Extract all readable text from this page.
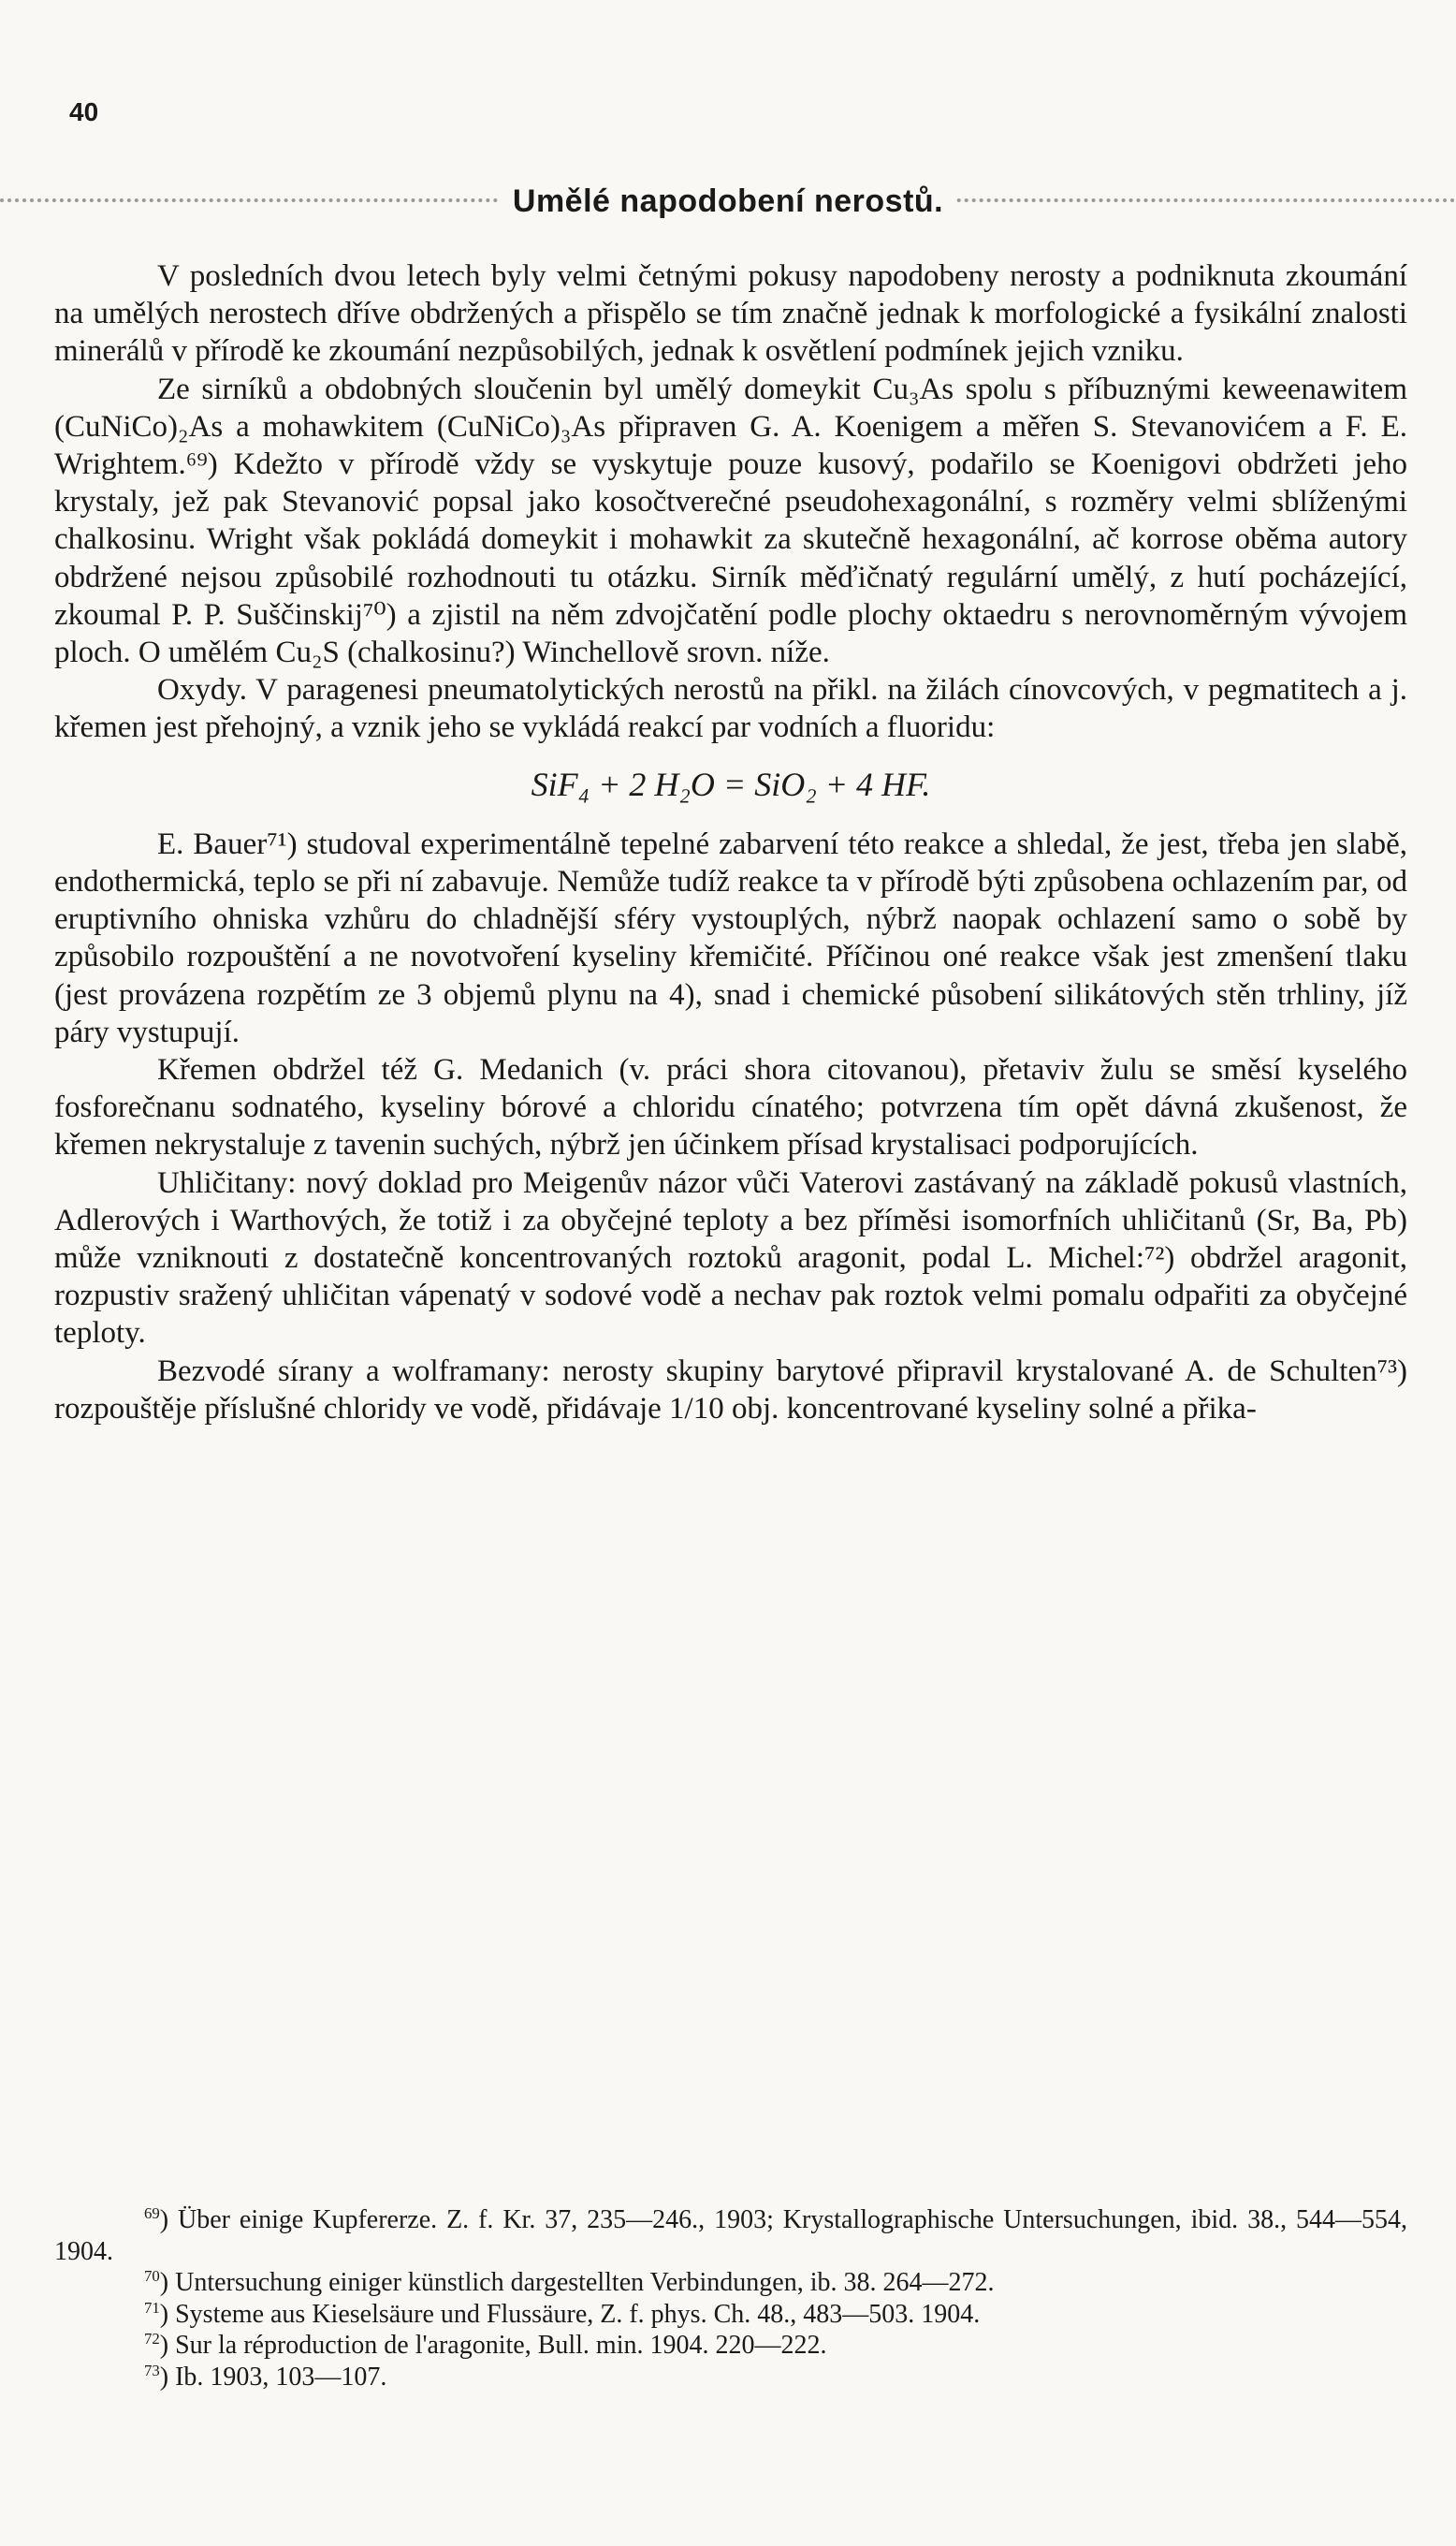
40
Umělé napodobení nerostů.

V posledních dvou letech byly velmi četnými pokusy napodobeny nerosty a podniknuta zkoumání na umělých nerostech dříve obdržených a přispělo se tím značně jednak k morfologické a fysikální znalosti minerálů v přírodě ke zkoumání nezpůsobilých, jednak k osvětlení podmínek jejich vzniku.

Ze sirníků a obdobných sloučenin byl umělý domeykit Cu₃As spolu s příbuznými keweenawitem (CuNiCo)₂As a mohawkitem (CuNiCo)₃As připraven G. A. Koenigem a měřen S. Stevanovićem a F. E. Wrightem.⁶⁹) Kdežto v přírodě vždy se vyskytuje pouze kusový, podařilo se Koenigovi obdržeti jeho krystaly, jež pak Stevanović popsal jako kosočtverečné pseudohexagonální, s rozměry velmi sblíženými chalkosinu. Wright však pokládá domeykit i mohawkit za skutečně hexagonální, ač korrose oběma autory obdržené nejsou způsobilé rozhodnouti tu otázku. Sirník měďičnatý regulární umělý, z hutí pocházející, zkoumal P. P. Suščinskij⁷⁰) a zjistil na něm zdvojčatění podle plochy oktaedru s nerovnoměrným vývojem ploch. O umělém Cu₂S (chalkosinu?) Winchellově srovn. níže.

Oxydy. V paragenesi pneumatolytických nerostů na přikl. na žilách cínovcových, v pegmatitech a j. křemen jest přehojný, a vznik jeho se vykládá reakcí par vodních a fluoridu:

SiF₄ + 2 H₂O = SiO₂ + 4 HF.

E. Bauer⁷¹) studoval experimentálně tepelné zabarvení této reakce a shledal, že jest, třeba jen slabě, endothermická, teplo se při ní zabavuje. Nemůže tudíž reakce ta v přírodě býti způsobena ochlazením par, od eruptivního ohniska vzhůru do chladnější sféry vystouplých, nýbrž naopak ochlazení samo o sobě by způsobilo rozpouštění a ne novotvoření kyseliny křemičité. Příčinou oné reakce však jest zmenšení tlaku (jest provázena rozpětím ze 3 objemů plynu na 4), snad i chemické působení silikátových stěn trhliny, jíž páry vystupují.

Křemen obdržel též G. Medanich (v. práci shora citovanou), přetaviv žulu se směsí kyselého fosforečnanu sodnatého, kyseliny bórové a chloridu cínatého; potvrzena tím opět dávná zkušenost, že křemen nekrystaluje z tavenin suchých, nýbrž jen účinkem přísad krystalisaci podporujících.

Uhličitany: nový doklad pro Meigenův názor vůči Vaterovi zastávaný na základě pokusů vlastních, Adlerových i Warthových, že totiž i za obyčejné teploty a bez příměsi isomorfních uhličitanů (Sr, Ba, Pb) může vzniknouti z dostatečně koncentrovaných roztoků aragonit, podal L. Michel:⁷²) obdržel aragonit, rozpustiv sražený uhličitan vápenatý v sodové vodě a nechav pak roztok velmi pomalu odpařiti za obyčejné teploty.

Bezvodé sírany a wolframany: nerosty skupiny barytové připravil krystalované A. de Schulten⁷³) rozpouštěje příslušné chloridy ve vodě, přidávaje 1/10 obj. koncentrované kyseliny solné a přika-

$^{69}$) Über einige Kupfererze. Z. f. Kr. 37, 235—246., 1903; Krystallographische Untersuchungen, ibid. 38., 544—554, 1904.

$^{70}$) Untersuchung einiger künstlich dargestellten Verbindungen, ib. 38. 264—272.

$^{71}$) Systeme aus Kieselsäure und Flussäure, Z. f. phys. Ch. 48., 483—503. 1904.

$^{72}$) Sur la réproduction de l'aragonite, Bull. min. 1904. 220—222.

$^{73}$) Ib. 1903, 103—107.
